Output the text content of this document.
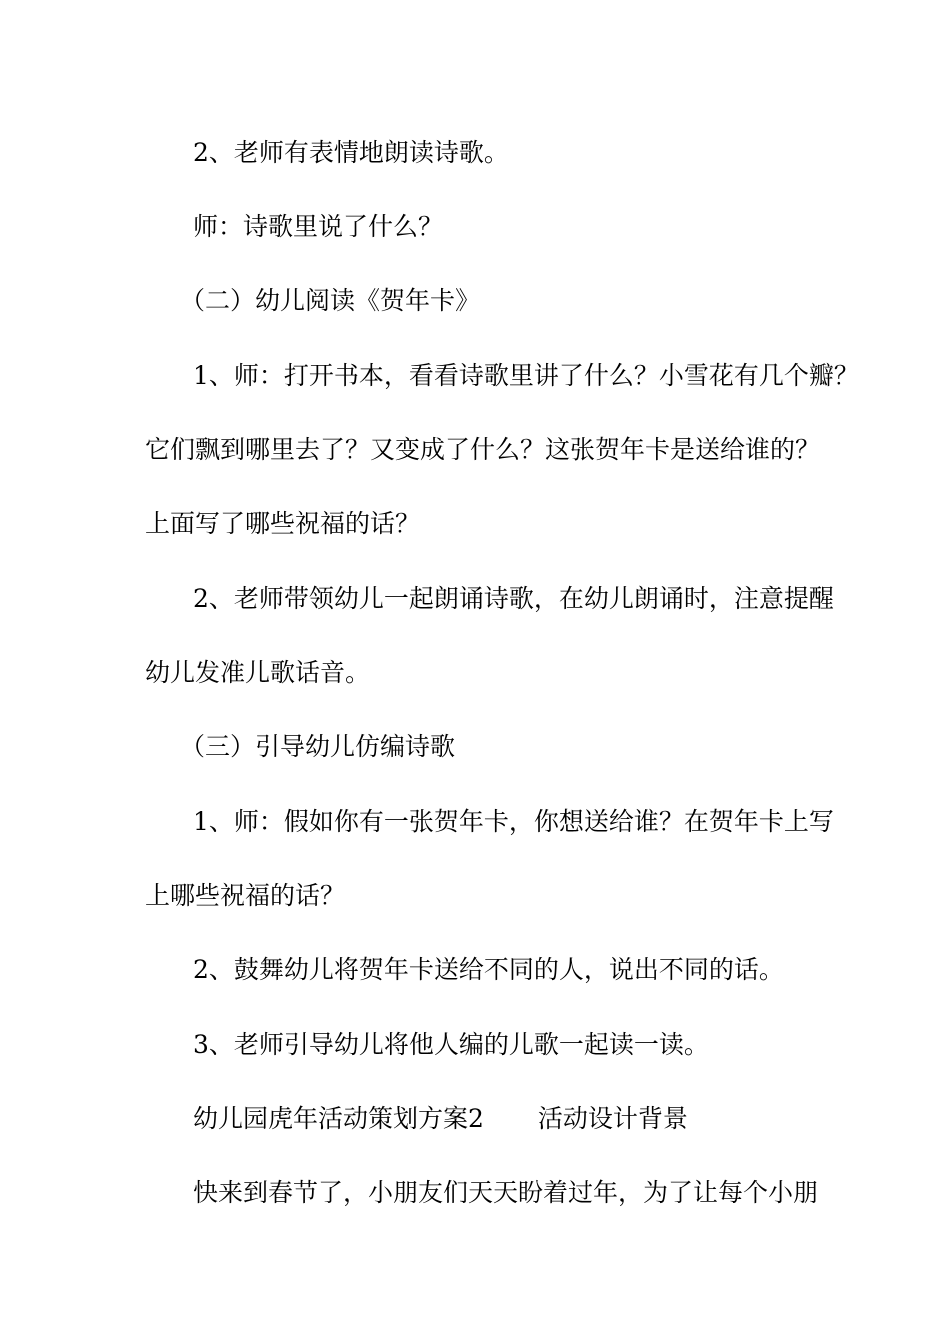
2、老师有表情地朗读诗歌。
师：诗歌里说了什么？
（二）幼儿阅读《贺年卡》
1、师：打开书本，看看诗歌里讲了什么？小雪花有几个瓣？
它们飘到哪里去了？又变成了什么？这张贺年卡是送给谁的？
上面写了哪些祝福的话？
2、老师带领幼儿一起朗诵诗歌，在幼儿朗诵时，注意提醒
幼儿发准儿歌话音。
（三）引导幼儿仿编诗歌
1、师：假如你有一张贺年卡，你想送给谁？在贺年卡上写
上哪些祝福的话？
2、鼓舞幼儿将贺年卡送给不同的人，说出不同的话。
3、老师引导幼儿将他人编的儿歌一起读一读。
幼儿园虎年活动策划方案2 活动设计背景
快来到春节了，小朋友们天天盼着过年，为了让每个小朋
